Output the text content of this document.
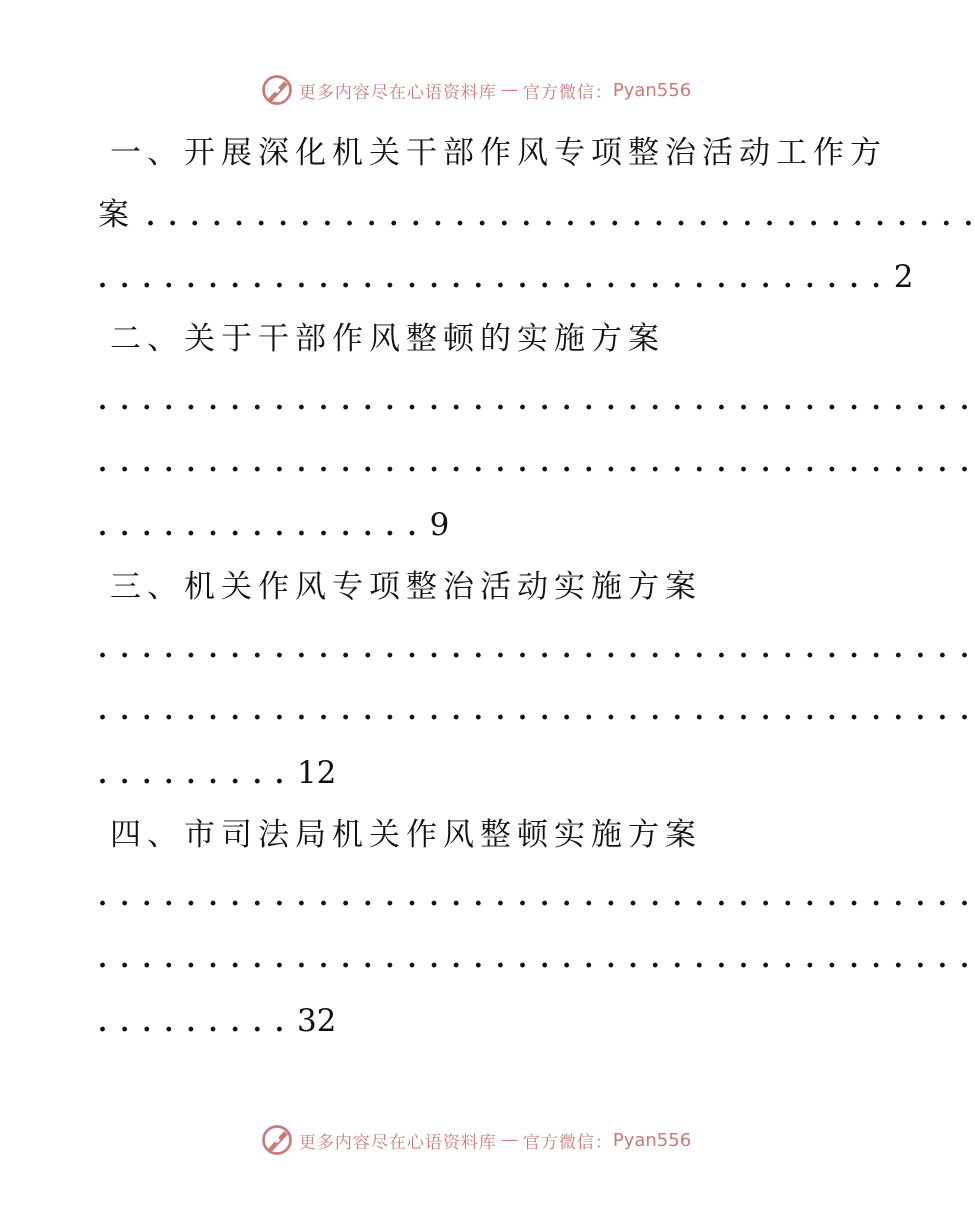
更多内容尽在心语资料库 — 官方微信： Pyan556
一、开展深化机关干部作风专项整治活动工作方
案 . . . . . . . . . . . . . . . . . . . . . . . . . . . . . . . . . . . . . .
. . . . . . . . . . . . . . . . . . . . . . . . . . . . . . . . . . . . 2
二、关于干部作风整顿的实施方案
. . . . . . . . . . . . . . . . . . . . . . . . . . . . . . . . . . . . . . . .
. . . . . . . . . . . . . . . . . . . . . . . . . . . . . . . . . . . . . . . .
. . . . . . . . . . . . . . . 9
三、机关作风专项整治活动实施方案
. . . . . . . . . . . . . . . . . . . . . . . . . . . . . . . . . . . . . . . .
. . . . . . . . . . . . . . . . . . . . . . . . . . . . . . . . . . . . . . . .
. . . . . . . . . 12
四、市司法局机关作风整顿实施方案
. . . . . . . . . . . . . . . . . . . . . . . . . . . . . . . . . . . . . . . .
. . . . . . . . . . . . . . . . . . . . . . . . . . . . . . . . . . . . . . . .
. . . . . . . . . 32
更多内容尽在心语资料库 — 官方微信： Pyan556
